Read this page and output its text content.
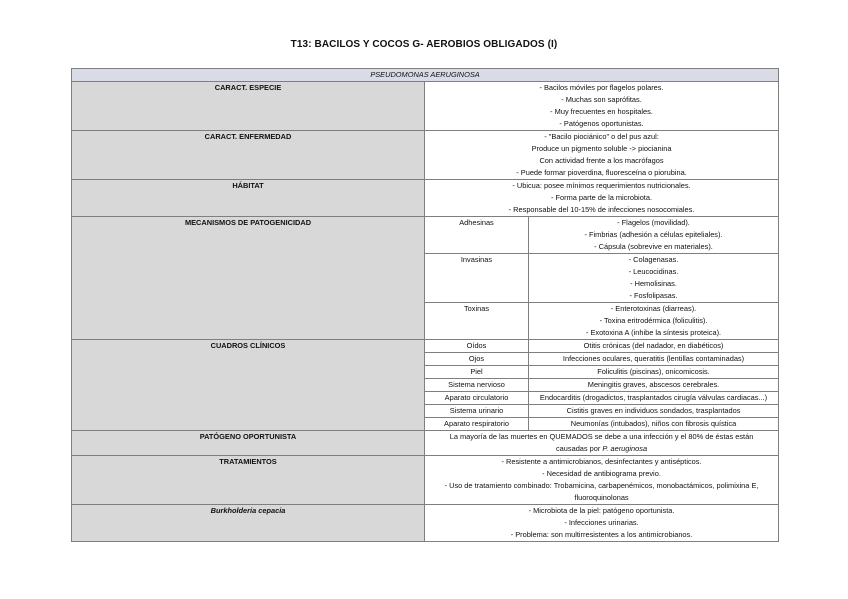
T13: BACILOS Y COCOS G- AEROBIOS OBLIGADOS (I)
PSEUDOMONAS AERUGINOSA		
CARACT. ESPECIE	- Bacilos móviles por flagelos polares.
- Muchas son saprófitas.
- Muy frecuentes en hospitales.
- Patógenos oportunistas.	

CARACT. ENFERMEDAD	- "Bacilo piociánico" o del pus azul:
Produce un pigmento soluble -> piocianina
Con actividad frente a los macrófagos
- Puede formar pioverdina, fluoresceína o piorubina.	

HÁBITAT	- Ubicua: posee mínimos requerimientos nutricionales.
- Forma parte de la microbiota.
- Responsable del 10-15% de infecciones nosocomiales.	

MECANISMOS DE PATOGENICIDAD	Adhesinas	- Flagelos (movilidad).
- Fimbrias (adhesión a células epiteliales).
- Cápsula (sobrevive en materiales).

	Invasinas	- Colagenasas.
- Leucocidinas.
- Hemolisinas.
- Fosfolipasas.

	Toxinas	- Enterotoxinas (diarreas).
- Toxina eritrodérmica (foliculitis).
- Exotoxina A (inhibe la síntesis proteica).

CUADROS CLÍNICOS	Oídos	Otitis crónicas (del nadador, en diabéticos)
	Ojos	Infecciones oculares, queratitis (lentillas contaminadas)
	Piel	Foliculitis (piscinas), onicomicosis.
	Sistema nervioso	Meningitis graves, abscesos cerebrales.
	Aparato circulatorio	Endocarditis (drogadictos, trasplantados cirugía válvulas cardiacas...)
	Sistema urinario	Cistitis graves en individuos sondados, trasplantados
	Aparato respiratorio	Neumonías (intubados), niños con fibrosis quística
PATÓGENO OPORTUNISTA	La mayoría de las muertes en QUEMADOS se debe a una infección y el 80% de éstas están causadas por P. aeruginosa	
TRATAMIENTOS	- Resistente a antimicrobianos, desinfectantes y antisépticos.
- Necesidad de antibiograma previo.
- Uso de tratamiento combinado: Trobamicina, carbapenémicos, monobactámicos, polimixina E, fluoroquinolonas	

Burkholderia cepacia	- Microbiota de la piel: patógeno oportunista.
- Infecciones urinarias.
- Problema: son multirresistentes a los antimicrobianos.	
